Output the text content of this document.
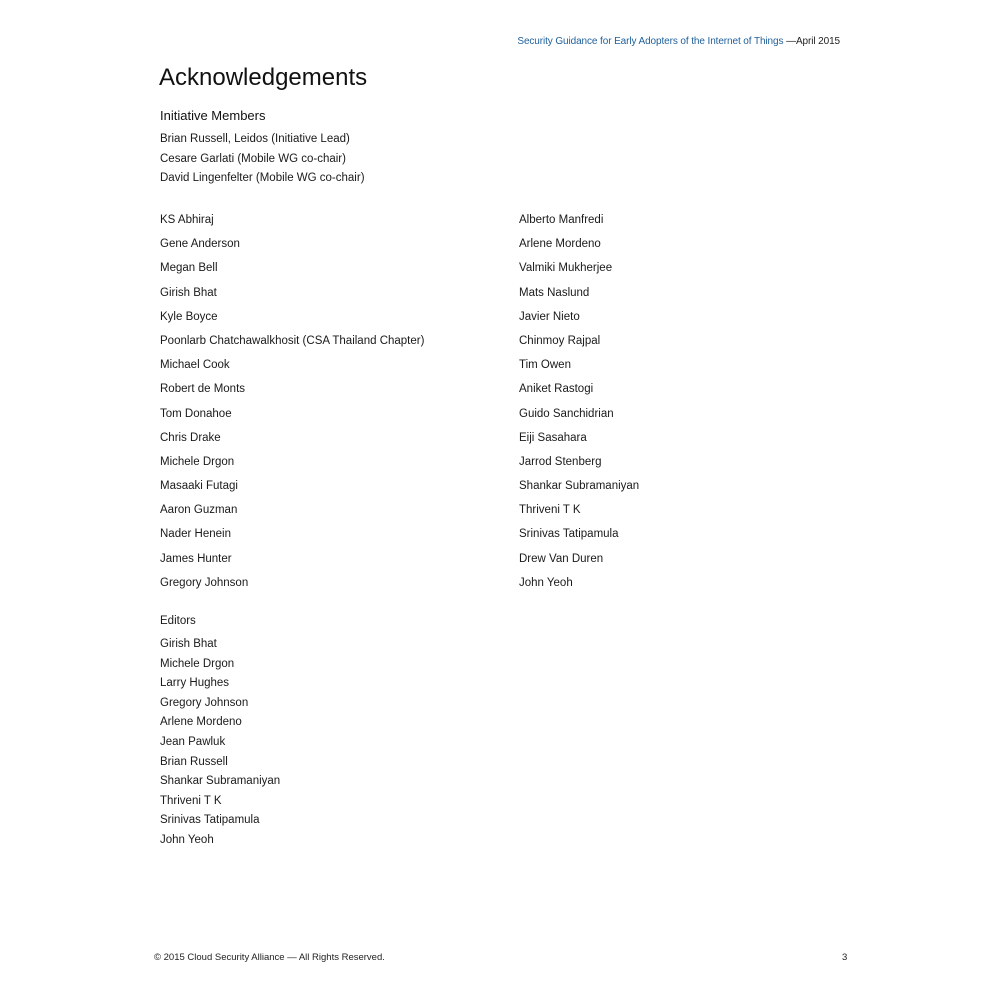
Security Guidance for Early Adopters of the Internet of Things —April 2015
Acknowledgements
Initiative Members
Brian Russell, Leidos (Initiative Lead)
Cesare Garlati (Mobile WG co-chair)
David Lingenfelter (Mobile WG co-chair)
KS Abhiraj
Gene Anderson
Megan Bell
Girish Bhat
Kyle Boyce
Poonlarb Chatchawalkhosit (CSA Thailand Chapter)
Michael Cook
Robert de Monts
Tom Donahoe
Chris Drake
Michele Drgon
Masaaki Futagi
Aaron Guzman
Nader Henein
James Hunter
Gregory Johnson
Alberto Manfredi
Arlene Mordeno
Valmiki Mukherjee
Mats Naslund
Javier Nieto
Chinmoy Rajpal
Tim Owen
Aniket Rastogi
Guido Sanchidrian
Eiji Sasahara
Jarrod Stenberg
Shankar Subramaniyan
Thriveni T K
Srinivas Tatipamula
Drew Van Duren
John Yeoh
Editors
Girish Bhat
Michele Drgon
Larry Hughes
Gregory Johnson
Arlene Mordeno
Jean Pawluk
Brian Russell
Shankar Subramaniyan
Thriveni T K
Srinivas Tatipamula
John Yeoh
© 2015 Cloud Security Alliance — All Rights Reserved.	3
